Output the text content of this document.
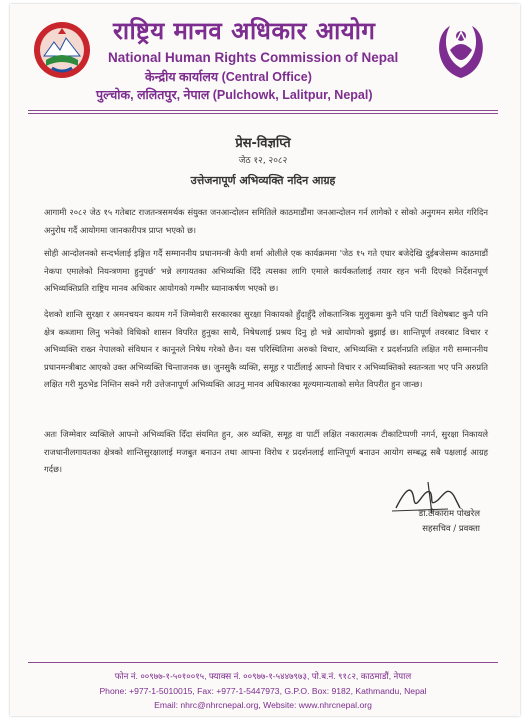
राष्ट्रिय मानव अधिकार आयोग
National Human Rights Commission of Nepal
केन्द्रीय कार्यालय (Central Office)
पुल्चोक, ललितपुर, नेपाल (Pulchowk, Lalitpur, Nepal)
प्रेस-विज्ञप्ति
जेठ १२, २०८२
उत्तेजनापूर्ण अभिव्यक्ति नदिन आग्रह

आगामी २०८२ जेठ १५ गतेबाट राजतन्त्रसमर्थक संयुक्त जनआन्दोलन समितिले काठमाडौंमा जनआन्दोलन गर्न लागेको र सोको अनुगमन समेत गरिदिन अनुरोध गर्दै आयोगमा जानकारीपत्र प्राप्त भएको छ।

सोही आन्दोलनको सन्दर्भलाई इङ्गित गर्दै सम्माननीय प्रधानमन्त्री केपी शर्मा ओलीले एक कार्यक्रममा 'जेठ १५ गते एघार बजेदेखि दुईबजेसम्म काठमाडौं नेकपा एमालेको नियन्त्रणमा हुनुपर्छ' भन्ने लगायतका अभिव्यक्ति दिँदै त्यसका लागि एमाले कार्यकर्तालाई तयार रहन भनी दिएको निर्देशनपूर्ण अभिव्यक्तिप्रति राष्ट्रिय मानव अधिकार आयोगको गम्भीर ध्यानाकर्षण भएको छ।

देशको शान्ति सुरक्षा र अमनचयन कायम गर्ने जिम्मेवारी सरकारका सुरक्षा निकायको हुँदाहुँदै लोकतान्त्रिक मुलुकमा कुनै पनि पार्टी विशेषबाट कुनै पनि क्षेत्र कब्जामा लिनु भनेको विधिको शासन विपरित हुनुका साथै, निषेधलाई प्रश्रय दिनु हो भन्ने आयोगको बुझाई छ। शान्तिपूर्ण तवरबाट विचार र अभिव्यक्ति राख्न नेपालको संविधान र कानूनले निषेध गरेको छैन। यस परिस्थितिमा अरुको विचार, अभिव्यक्ति र प्रदर्शनप्रति लक्षित गरी सम्माननीय प्रधानमन्त्रीबाट आएको उक्त अभिव्यक्ति चिन्ताजनक छ। जुनसुकै व्यक्ति, समूह र पार्टीलाई आफ्नो विचार र अभिव्यक्तिको स्वतन्त्रता भए पनि अरुप्रति लक्षित गरी मुठभेड निम्तिन सक्ने गरी उत्तेजनापूर्ण अभिव्यक्ति आउनु मानव अधिकारका मूल्यमान्यताको समेत विपरीत हुन जान्छ।

अतः जिम्मेवार व्यक्तिले आफ्नो अभिव्यक्ति दिँदा संयमित हुन, अरु व्यक्ति, समूह वा पार्टी लक्षित नकारात्मक टीकाटिप्पणी नगर्न, सुरक्षा निकायले राजधानीलगायतका क्षेत्रको शान्तिसुरक्षालाई मजबुत बनाउन तथा आफ्ना विरोध र प्रदर्शनलाई शान्तिपूर्ण बनाउन आयोग सम्बद्ध सबै पक्षलाई आग्रह गर्दछ।

डा.टीकाराम पोखरेल
सहसचिव / प्रवक्ता
फोन नं. ००९७७-१-५०१००१५, फ्याक्स नं. ००९७७-१-५४४७९७३, पो.ब.नं. ९१८२, काठमाडौं, नेपाल
Phone: +977-1-5010015, Fax: +977-1-5447973, G.P.O. Box: 9182, Kathmandu, Nepal
Email: nhrc@nhrcnepal.org, Website: www.nhrcnepal.org
